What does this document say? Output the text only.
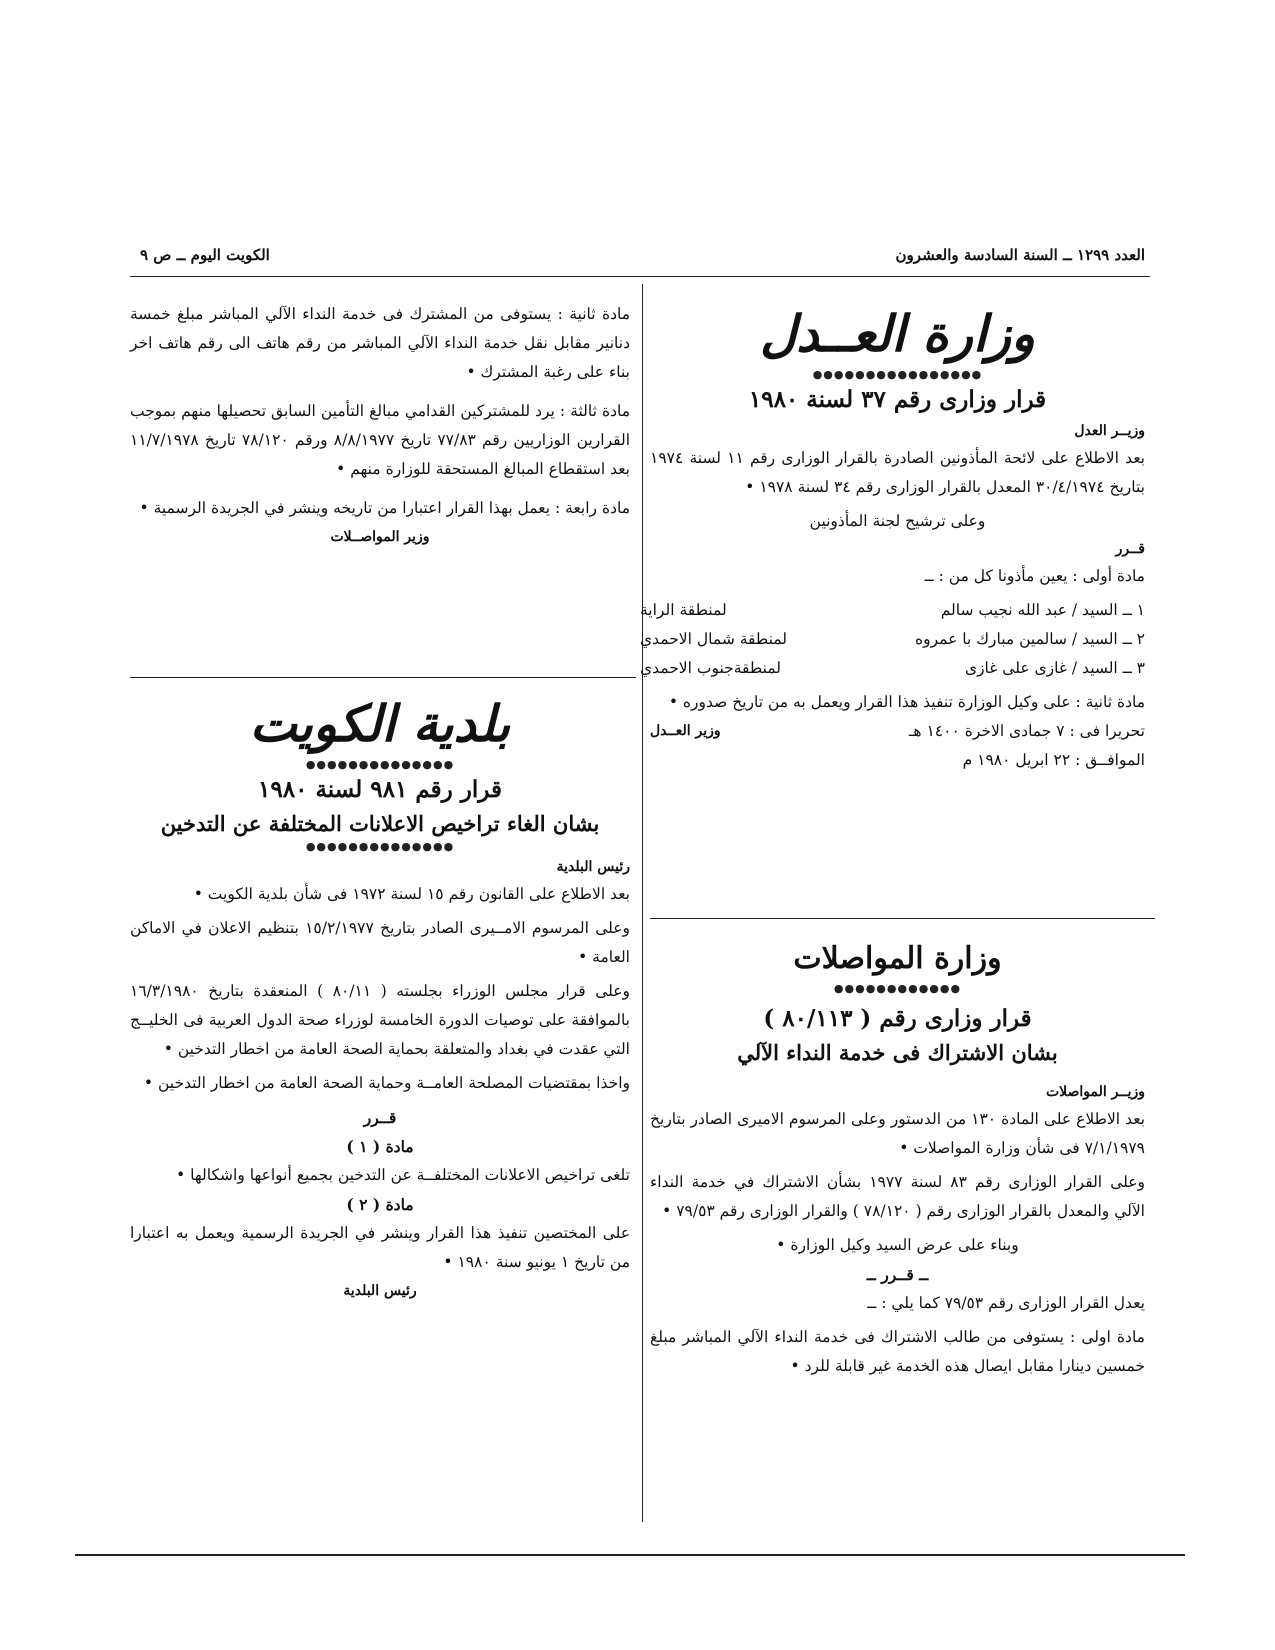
العدد ١٢٩٩ ــ السنة السادسة والعشرون
الكويت اليوم ــ ص ٩
وزارة العــدل
●●●●●●●●●●●●●●●●
قرار وزارى رقم ٣٧ لسنة ١٩٨٠
وزيــر العدل

بعد الاطلاع على لائحة المأذونين الصادرة بالقرار الوزارى رقم ١١ لسنة ١٩٧٤ بتاريخ ٣٠/٤/١٩٧٤ المعدل بالقرار الوزارى رقم ٣٤ لسنة ١٩٧٨ •

وعلى ترشيح لجنة المأذونين

قــرر

مادة أولى : يعين مأذونا كل من : ــ

١ ــ السيد / عبد الله نجيب سالم
لمنطقة الراية
٢ ــ السيد / سالمين مبارك با عمروه
لمنطقة شمال الاحمدي
٣ ــ السيد / غازى على غازى
لمنطقةجنوب الاحمدي

مادة ثانية : على وكيل الوزارة تنفيذ هذا القرار ويعمل به من تاريخ صدوره •

تحريرا فى : ٧ جمادى الاخرة ١٤٠٠ هـ
وزير العــدل

الموافــق : ٢٢ ابريل ١٩٨٠ م

وزارة المواصلات
●●●●●●●●●●●●
قرار وزارى رقم ( ٨٠/١١٣ )
بشان الاشتراك فى خدمة النداء الآلي
وزيــر المواصلات

بعد الاطلاع على المادة ١٣٠ من الدستور وعلى المرسوم الاميرى الصادر بتاريخ ٧/١/١٩٧٩ فى شأن وزارة المواصلات •

وعلى القرار الوزارى رقم ٨٣ لسنة ١٩٧٧ بشأن الاشتراك في خدمة النداء الآلي والمعدل بالقرار الوزارى رقم ( ٧٨/١٢٠ ) والقرار الوزارى رقم ٧٩/٥٣ •

وبناء على عرض السيد وكيل الوزارة •

ــ قــرر ــ

يعدل القرار الوزارى رقم ٧٩/٥٣ كما يلي : ــ

مادة اولى : يستوفى من طالب الاشتراك فى خدمة النداء الآلي المباشر مبلغ خمسين دينارا مقابل ايصال هذه الخدمة غير قابلة للرد •

مادة ثانية : يستوفى من المشترك فى خدمة النداء الآلي المباشر مبلغ خمسة دنانير مقابل نقل خدمة النداء الآلي المباشر من رقم هاتف الى رقم هاتف اخر بناء على رغبة المشترك •

مادة ثالثة : يرد للمشتركين القدامي مبالغ التأمين السابق تحصيلها منهم بموجب القرارين الوزاريين رقم ٧٧/٨٣ تاريخ ٨/٨/١٩٧٧ ورقم ٧٨/١٢٠ تاريخ ١١/٧/١٩٧٨ بعد استقطاع المبالغ المستحقة للوزارة منهم •

مادة رابعة : يعمل بهذا القرار اعتبارا من تاريخه وينشر في الجريدة الرسمية •

وزير المواصــلات

بلدية الكويت
●●●●●●●●●●●●●●
قرار رقم ٩٨١ لسنة ١٩٨٠
بشان الغاء تراخيص الاعلانات المختلفة عن التدخين
●●●●●●●●●●●●●●
رئيس البلدية

بعد الاطلاع على القانون رقم ١٥ لسنة ١٩٧٢ فى شأن بلدية الكويت •

وعلى المرسوم الامــيرى الصادر بتاريخ ١٥/٢/١٩٧٧ بتنظيم الاعلان في الاماكن العامة •

وعلى قرار مجلس الوزراء بجلسته ( ٨٠/١١ ) المنعقدة بتاريخ ١٦/٣/١٩٨٠ بالموافقة على توصيات الدورة الخامسة لوزراء صحة الدول العربية فى الخليــج التي عقدت في بغداد والمتعلقة بحماية الصحة العامة من اخطار التدخين •

واخذا بمقتضيات المصلحة العامــة وحماية الصحة العامة من اخطار التدخين •

قــرر

مادة ( ١ )

تلغى تراخيص الاعلانات المختلفــة عن التدخين بجميع أنواعها واشكالها •

مادة ( ٢ )

على المختصين تنفيذ هذا القرار وينشر في الجريدة الرسمية ويعمل به اعتبارا من تاريخ ١ يونيو سنة ١٩٨٠ •

رئيس البلدية
